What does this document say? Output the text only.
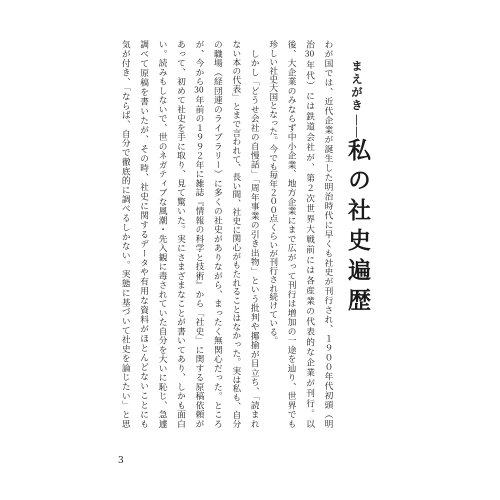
まえがき——私の社史遍歴
わが国では、近代企業が誕生した明治時代に早くも社史が刊行され、１９００年代初頭（明
治30年代）には鉄道会社が、第２次世界大戦前には各産業の代表的な企業が刊行。以
後、大企業のみならず中小企業、地方企業にまで広がって刊行は増加の一途を辿り、世界でも
珍しい社史大国となった。今でも毎年２００点くらいが刊行され続けている。
　しかし「どうせ会社の自慢話」「周年事業の引き出物」という批判や揶揄が目立ち、「読まれ
ない本の代表」とまで言われて、長い間、社史に関心がもたれることはなかった。実は私も、自分
の職場（経団連のライブラリー）に多くの社史がありながら、まったく無関心だった。ところ
が、今から30年前の１９９２年に雑誌『情報の科学と技術』から「社史」に関する原稿依頼が
あって、初めて社史を手に取り、見て驚いた。実にさまざまなことが書いてあり、しかも面白
い。読みもしないで、世のネガティブな風潮・先入観に毒されていた自分を大いに恥じ、急遽
調べて原稿を書いたが、その時、社史に関するデータや有用な資料がほとんどないことにも
気が付き、「ならば、自分で徹底的に調べるしかない。実態に基づいて社史を論じたい」と思
3
